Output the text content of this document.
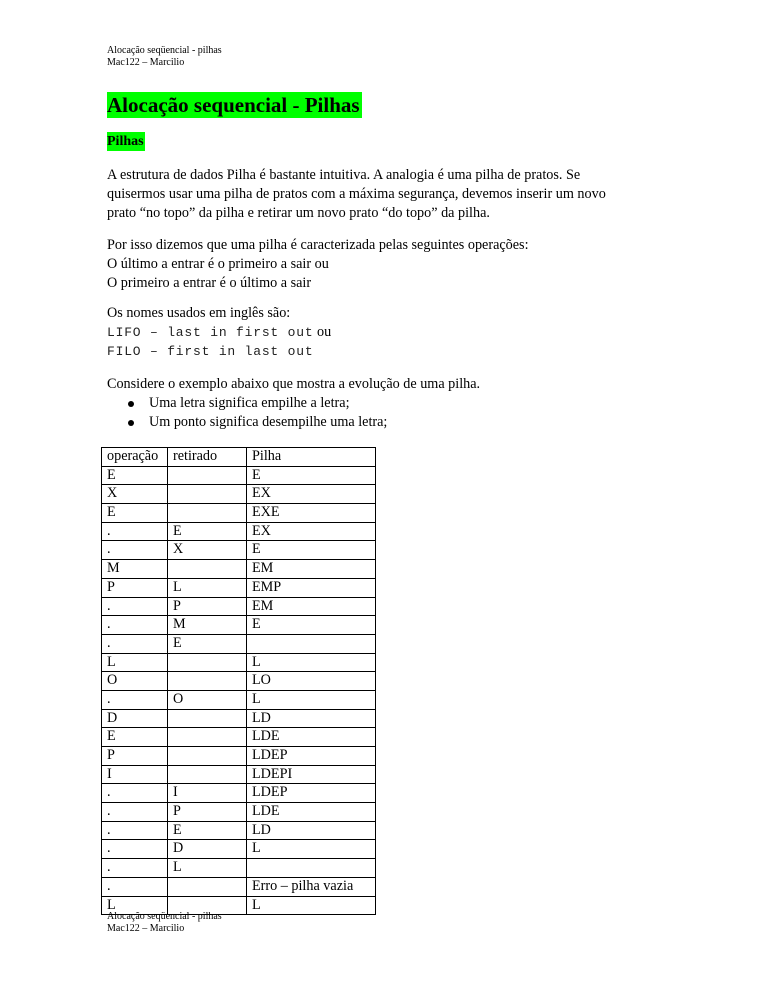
Alocação seqüencial - pilhas
Mac122 – Marcilio
Alocação sequencial - Pilhas
Pilhas
A estrutura de dados Pilha é bastante intuitiva. A analogia é uma pilha de pratos. Se
quisermos usar uma pilha de pratos com a máxima segurança, devemos inserir um novo
prato “no topo” da pilha e retirar um novo prato “do topo” da pilha.
Por isso dizemos que uma pilha é caracterizada pelas seguintes operações:
O último a entrar é o primeiro a sair ou
O primeiro a entrar é o último a sair
Os nomes usados em inglês são:
LIFO – last in first out ou
FILO – first in last out
Considere o exemplo abaixo que mostra a evolução de uma pilha.
Uma letra significa empilhe a letra;
Um ponto significa desempilhe uma letra;
operação	retirado	Pilha
E		E
X		EX
E		EXE
.	E	EX
.	X	E
M		EM
P	L	EMP
.	P	EM
.	M	E
.	E	
L		L
O		LO
.	O	L
D		LD
E		LDE
P		LDEP
I		LDEPI
.	I	LDEP
.	P	LDE
.	E	LD
.	D	L
.	L	
.		Erro – pilha vazia
L		L
Alocação seqüencial - pilhas
Mac122 – Marcilio
